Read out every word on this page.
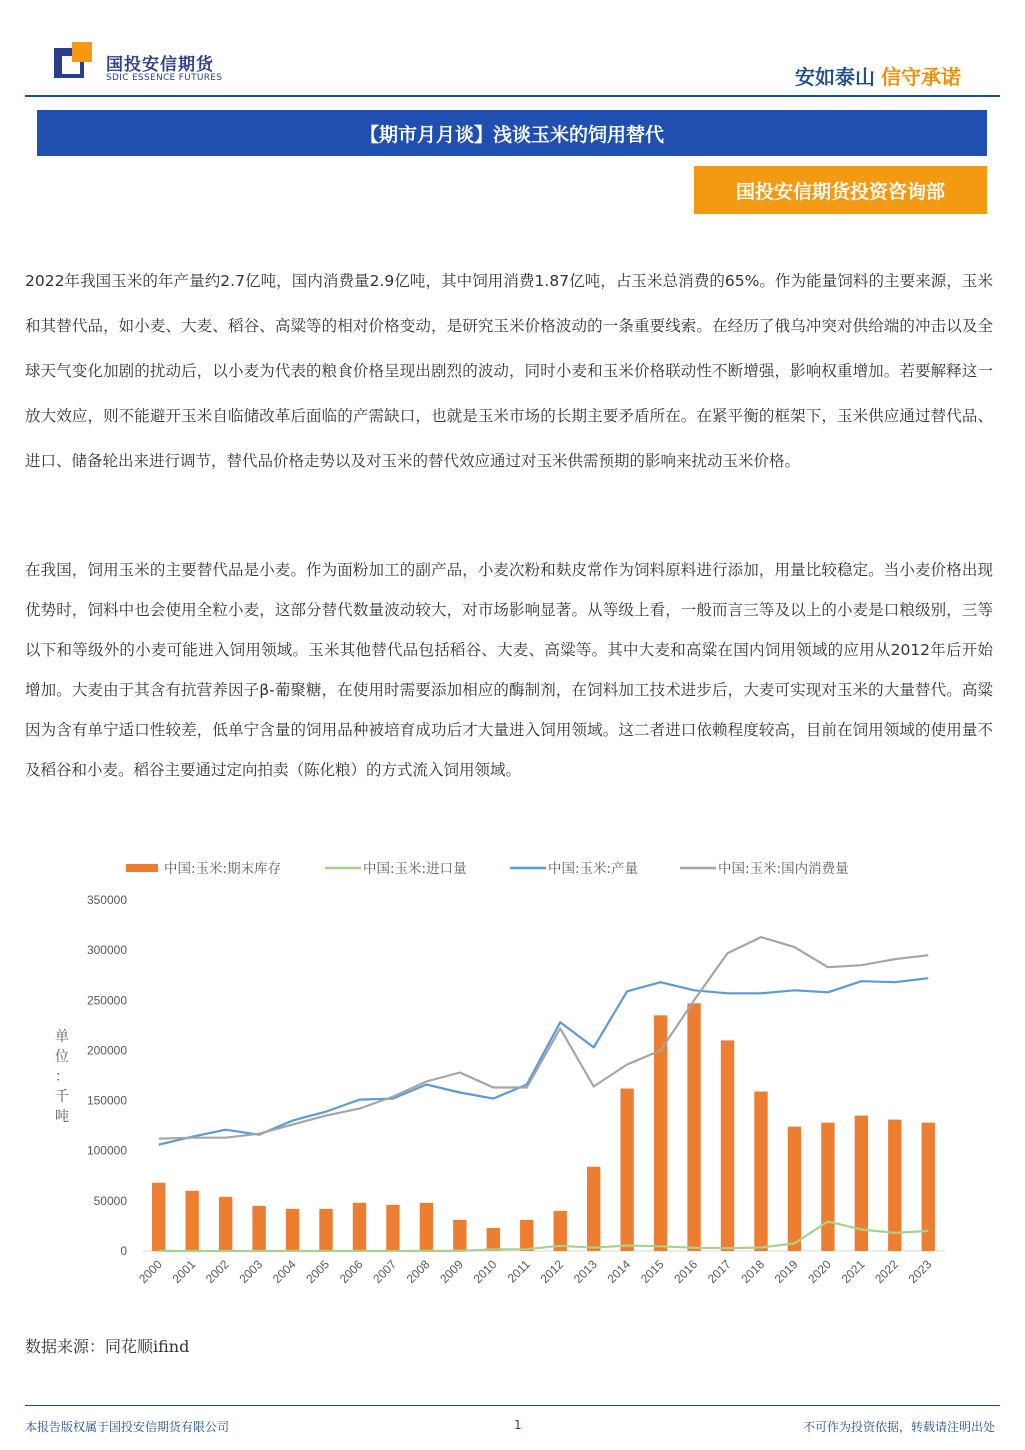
国投安信期货
SDIC ESSENCE FUTURES	安如泰山 信守承诺
【期市月月谈】浅谈玉米的饲用替代
国投安信期货投资咨询部

2022年我国玉米的年产量约2.7亿吨，国内消费量2.9亿吨，其中饲用消费1.87亿吨，占玉米总消费的65%。作为能量饲料的主要来源，玉米和其替代品，如小麦、大麦、稻谷、高粱等的相对价格变动，是研究玉米价格波动的一条重要线索。在经历了俄乌冲突对供给端的冲击以及全球天气变化加剧的扰动后，以小麦为代表的粮食价格呈现出剧烈的波动，同时小麦和玉米价格联动性不断增强，影响权重增加。若要解释这一放大效应，则不能避开玉米自临储改革后面临的产需缺口，也就是玉米市场的长期主要矛盾所在。在紧平衡的框架下，玉米供应通过替代品、进口、储备轮出来进行调节，替代品价格走势以及对玉米的替代效应通过对玉米供需预期的影响来扰动玉米价格。

在我国，饲用玉米的主要替代品是小麦。作为面粉加工的副产品，小麦次粉和麸皮常作为饲料原料进行添加，用量比较稳定。当小麦价格出现优势时，饲料中也会使用全粒小麦，这部分替代数量波动较大，对市场影响显著。从等级上看，一般而言三等及以上的小麦是口粮级别，三等以下和等级外的小麦可能进入饲用领域。玉米其他替代品包括稻谷、大麦、高粱等。其中大麦和高粱在国内饲用领域的应用从2012年后开始增加。大麦由于其含有抗营养因子β-葡聚糖，在使用时需要添加相应的酶制剂，在饲料加工技术进步后，大麦可实现对玉米的大量替代。高粱因为含有单宁适口性较差，低单宁含量的饲用品种被培育成功后才大量进入饲用领域。这二者进口依赖程度较高，目前在饲用领域的使用量不及稻谷和小麦。稻谷主要通过定向拍卖（陈化粮）的方式流入饲用领域。

350000
300000
250000
200000
150000
100000
50000
0
单
位
：
千
吨
2000 2001 2002 2003 2004 2005 2006 2007 2008 2009 2010 2011 2012 2013 2014 2015 2016 2017 2018 2019 2020 2021 2022 2023
中国:玉米:期末库存	中国:玉米:进口量	中国:玉米:产量	中国:玉米:国内消费量
数据来源：同花顺ifind
本报告版权属于国投安信期货有限公司	1	不可作为投资依据，转载请注明出处
